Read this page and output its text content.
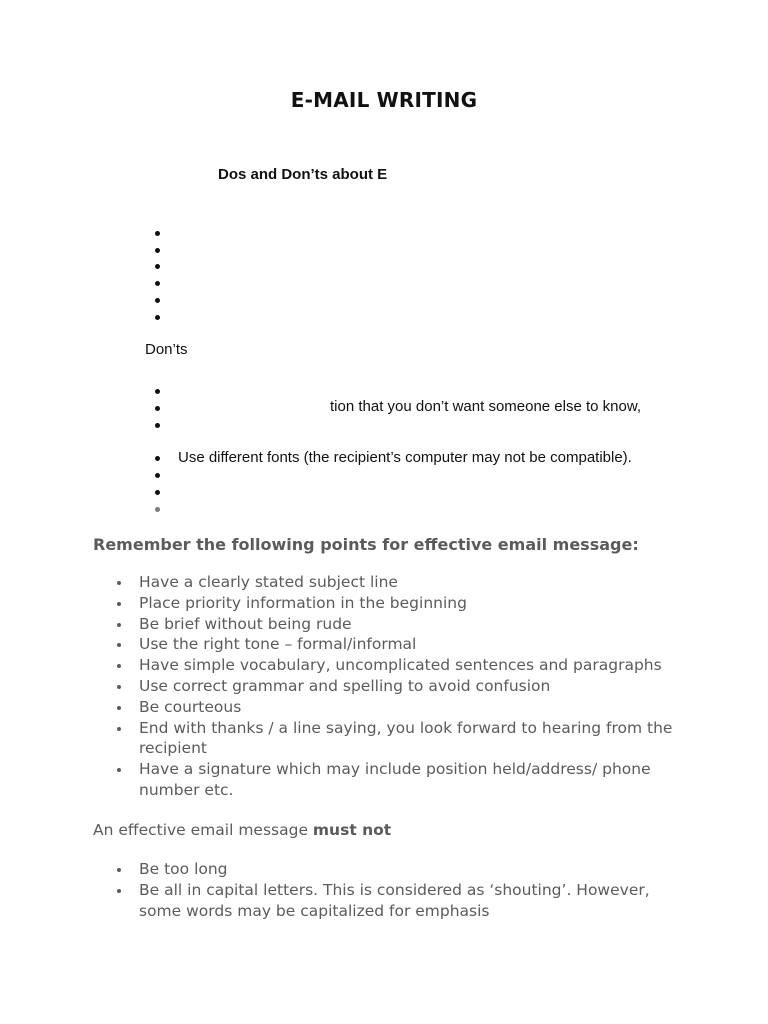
E-MAIL WRITING
Dos and Don’ts about E
Don’ts
tion that you don’t want someone else to know,
Use different fonts (the recipient’s computer may not be compatible).
Remember the following points for effective email message:
Have a clearly stated subject line
Place priority information in the beginning
Be brief without being rude
Use the right tone – formal/informal
Have simple vocabulary, uncomplicated sentences and paragraphs
Use correct grammar and spelling to avoid confusion
Be courteous
End with thanks / a line saying, you look forward to hearing from the recipient
Have a signature which may include position held/address/ phone number etc.
An effective email message must not
Be too long
Be all in capital letters. This is considered as ‘shouting’. However, some words may be capitalized for emphasis
